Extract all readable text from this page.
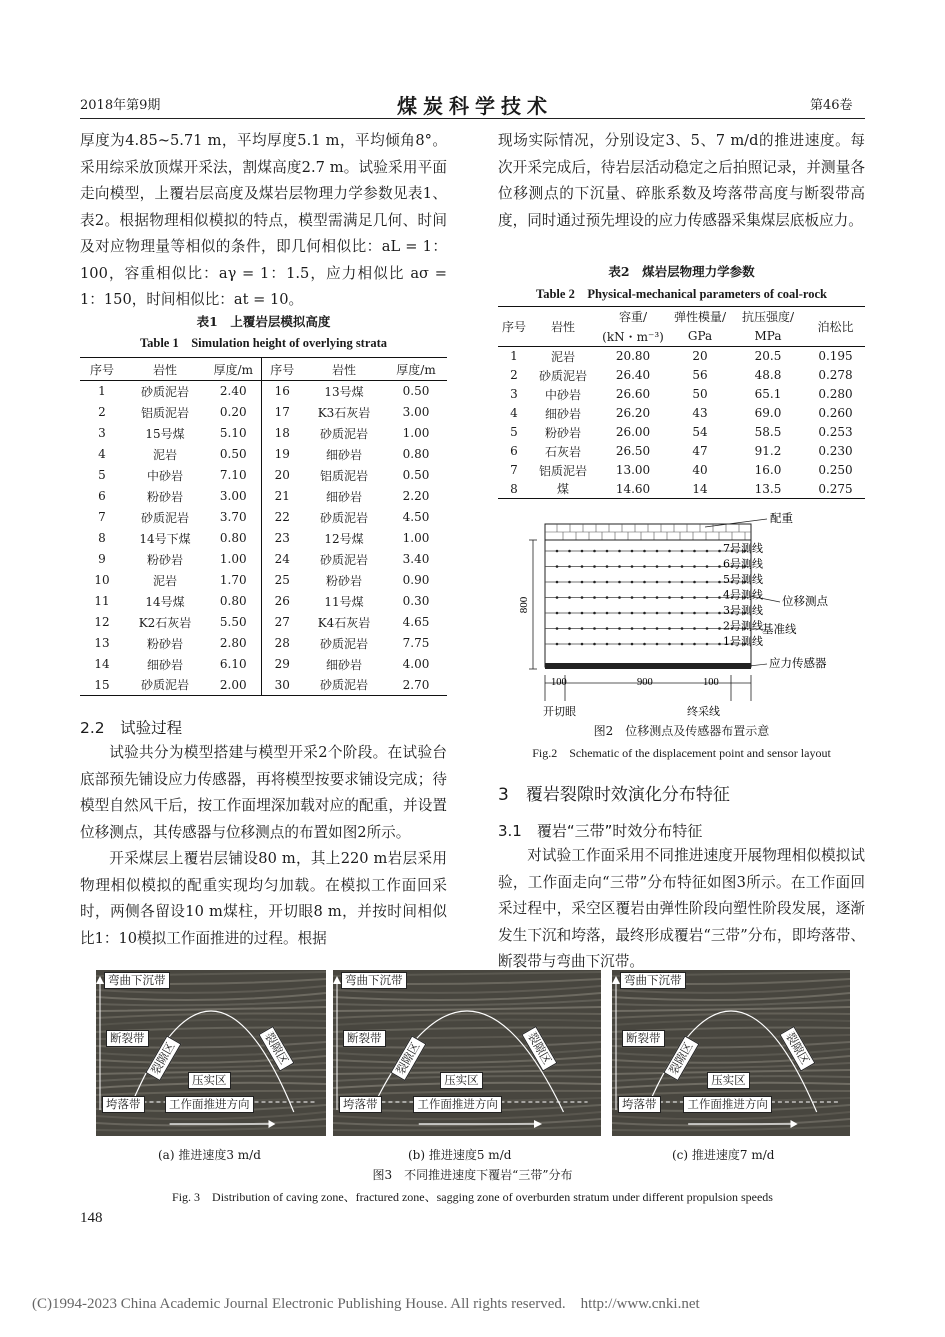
2018年第9期	煤炭科学技术	第46卷

厚度为4.85~5.71 m，平均厚度5.1 m，平均倾角8°。采用综采放顶煤开采法，割煤高度2.7 m。试验采用平面走向模型，上覆岩层高度及煤岩层物理力学参数见表1、表2。根据物理相似模拟的特点，模型需满足几何、时间及对应物理量等相似的条件，即几何相似比：aL = 1：100，容重相似比：aγ = 1：1.5，应力相似比 aσ = 1：150，时间相似比：at = 10。

表1　上覆岩层模拟高度
Table 1　Simulation height of overlying strata
序号	岩性	厚度/m	序号	岩性	厚度/m
1	砂质泥岩	2.40	16	13号煤	0.50
2	铝质泥岩	0.20	17	K3石灰岩	3.00
3	15号煤	5.10	18	砂质泥岩	1.00
4	泥岩	0.50	19	细砂岩	0.80
5	中砂岩	7.10	20	铝质泥岩	0.50
6	粉砂岩	3.00	21	细砂岩	2.20
7	砂质泥岩	3.70	22	砂质泥岩	4.50
8	14号下煤	0.80	23	12号煤	1.00
9	粉砂岩	1.00	24	砂质泥岩	3.40
10	泥岩	1.70	25	粉砂岩	0.90
11	14号煤	0.80	26	11号煤	0.30
12	K2石灰岩	5.50	27	K4石灰岩	4.65
13	粉砂岩	2.80	28	砂质泥岩	7.75
14	细砂岩	6.10	29	细砂岩	4.00
15	砂质泥岩	2.00	30	砂质泥岩	2.70
2.2　试验过程

试验共分为模型搭建与模型开采2个阶段。在试验台底部预先铺设应力传感器，再将模型按要求铺设完成；待模型自然风干后，按工作面埋深加载对应的配重，并设置位移测点，其传感器与位移测点的布置如图2所示。

开采煤层上覆岩层铺设80 m，其上220 m岩层采用物理相似模拟的配重实现均匀加载。在模拟工作面回采时，两侧各留设10 m煤柱，开切眼8 m，并按时间相似比1：10模拟工作面推进的过程。根据

现场实际情况，分别设定3、5、7 m/d的推进速度。每次开采完成后，待岩层活动稳定之后拍照记录，并测量各位移测点的下沉量、碎胀系数及垮落带高度与断裂带高度，同时通过预先埋设的应力传感器采集煤层底板应力。

表2　煤岩层物理力学参数
Table 2　Physical-mechanical parameters of coal-rock
序号	岩性	容重/	弹性模量/	抗压强度/	泊松比
		(kN・m⁻³)	GPa	MPa	
1	泥岩	20.80	20	20.5	0.195
2	砂质泥岩	26.40	56	48.8	0.278
3	中砂岩	26.60	50	65.1	0.280
4	细砂岩	26.20	43	69.0	0.260
5	粉砂岩	26.00	54	58.5	0.253
6	石灰岩	26.50	47	91.2	0.230
7	铝质泥岩	13.00	40	16.0	0.250
8	煤	14.60	14	13.5	0.275
800
100	900	100
开切眼	终采线
配重
位移测点
基准线
应力传感器
7号测线
6号测线
5号测线
4号测线
3号测线
2号测线
1号测线
图2　位移测点及传感器布置示意
Fig.2　Schematic of the displacement point and sensor layout
3　覆岩裂隙时效演化分布特征
3.1　覆岩“三带”时效分布特征

对试验工作面采用不同推进速度开展物理相似模拟试验，工作面走向“三带”分布特征如图3所示。在工作面回采过程中，采空区覆岩由弹性阶段向塑性阶段发展，逐渐发生下沉和垮落，最终形成覆岩“三带”分布，即垮落带、断裂带与弯曲下沉带。

弯曲下沉带
断裂带
垮落带
压实区
工作面推进方向
裂隙区	裂隙区
弯曲下沉带
断裂带
垮落带
压实区
工作面推进方向
裂隙区	裂隙区
弯曲下沉带
断裂带
垮落带
压实区
工作面推进方向
裂隙区	裂隙区
(a) 推进速度3 m/d	(b) 推进速度5 m/d	(c) 推进速度7 m/d
图3　不同推进速度下覆岩“三带”分布
Fig. 3　Distribution of caving zone、fractured zone、sagging zone of overburden stratum under different propulsion speeds
148
(C)1994-2023 China Academic Journal Electronic Publishing House. All rights reserved.　http://www.cnki.net
